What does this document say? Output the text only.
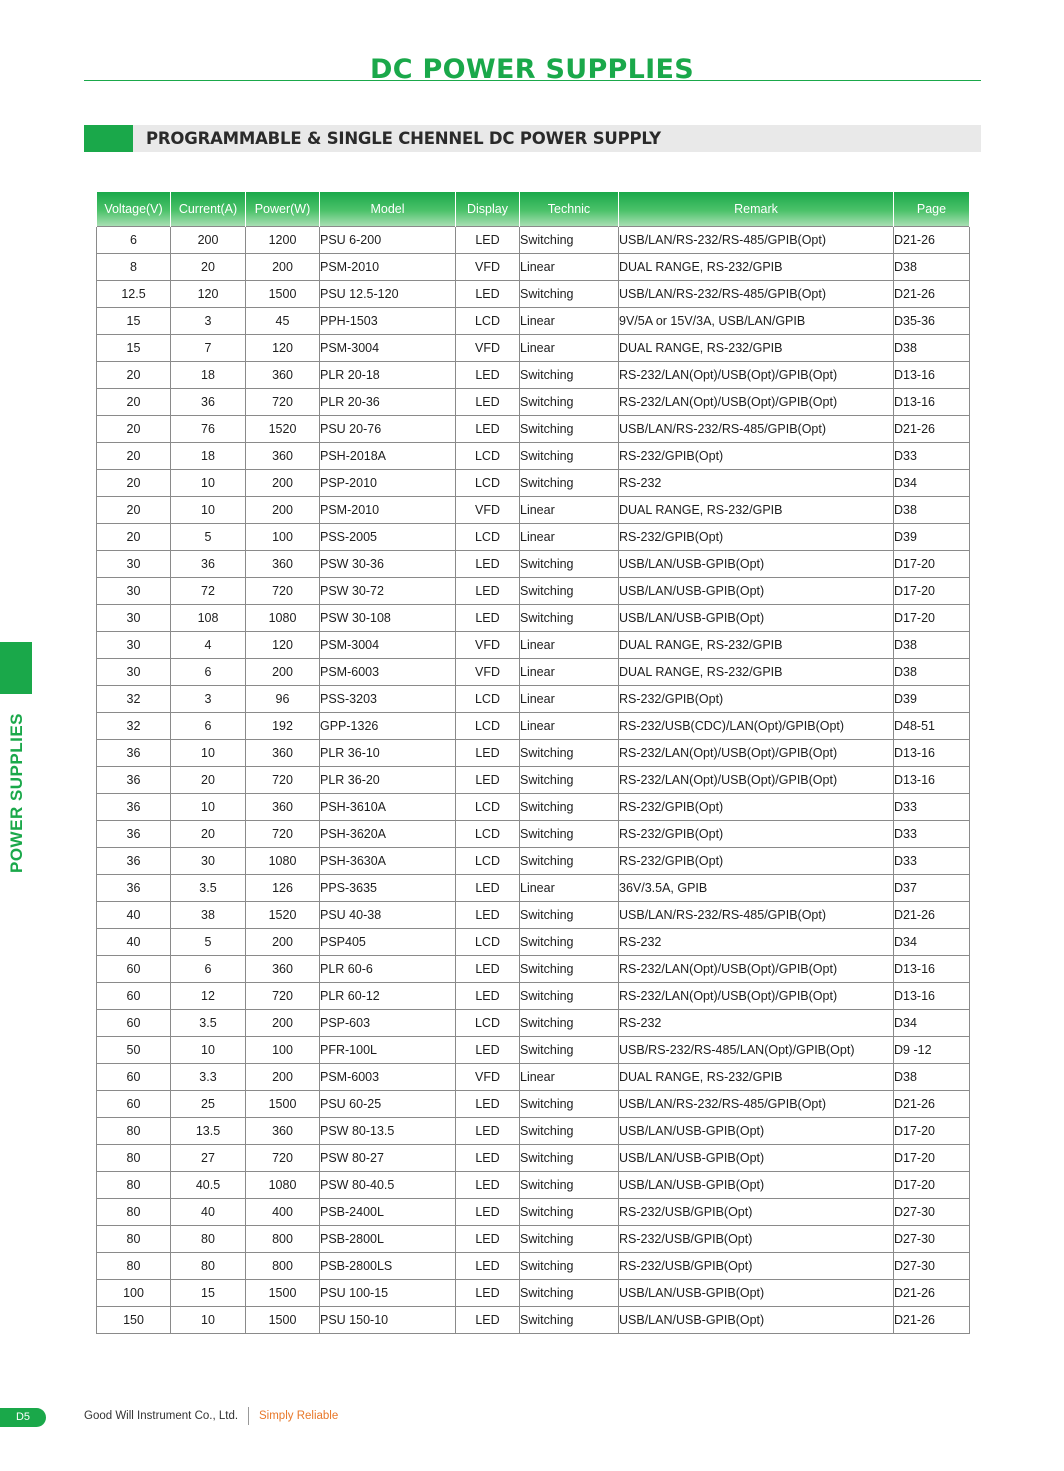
DC POWER SUPPLIES
PROGRAMMABLE & SINGLE CHENNEL DC POWER SUPPLY
POWER SUPPLIES
Voltage(V)	Current(A)	Power(W)	Model	Display	Technic	Remark	Page
6	200	1200	PSU 6-200	LED	Switching	USB/LAN/RS-232/RS-485/GPIB(Opt)	D21-26
8	20	200	PSM-2010	VFD	Linear	DUAL RANGE, RS-232/GPIB	D38
12.5	120	1500	PSU 12.5-120	LED	Switching	USB/LAN/RS-232/RS-485/GPIB(Opt)	D21-26
15	3	45	PPH-1503	LCD	Linear	9V/5A or 15V/3A, USB/LAN/GPIB	D35-36
15	7	120	PSM-3004	VFD	Linear	DUAL RANGE, RS-232/GPIB	D38
20	18	360	PLR 20-18	LED	Switching	RS-232/LAN(Opt)/USB(Opt)/GPIB(Opt)	D13-16
20	36	720	PLR 20-36	LED	Switching	RS-232/LAN(Opt)/USB(Opt)/GPIB(Opt)	D13-16
20	76	1520	PSU 20-76	LED	Switching	USB/LAN/RS-232/RS-485/GPIB(Opt)	D21-26
20	18	360	PSH-2018A	LCD	Switching	RS-232/GPIB(Opt)	D33
20	10	200	PSP-2010	LCD	Switching	RS-232	D34
20	10	200	PSM-2010	VFD	Linear	DUAL RANGE, RS-232/GPIB	D38
20	5	100	PSS-2005	LCD	Linear	RS-232/GPIB(Opt)	D39
30	36	360	PSW 30-36	LED	Switching	USB/LAN/USB-GPIB(Opt)	D17-20
30	72	720	PSW 30-72	LED	Switching	USB/LAN/USB-GPIB(Opt)	D17-20
30	108	1080	PSW 30-108	LED	Switching	USB/LAN/USB-GPIB(Opt)	D17-20
30	4	120	PSM-3004	VFD	Linear	DUAL RANGE, RS-232/GPIB	D38
30	6	200	PSM-6003	VFD	Linear	DUAL RANGE, RS-232/GPIB	D38
32	3	96	PSS-3203	LCD	Linear	RS-232/GPIB(Opt)	D39
32	6	192	GPP-1326	LCD	Linear	RS-232/USB(CDC)/LAN(Opt)/GPIB(Opt)	D48-51
36	10	360	PLR 36-10	LED	Switching	RS-232/LAN(Opt)/USB(Opt)/GPIB(Opt)	D13-16
36	20	720	PLR 36-20	LED	Switching	RS-232/LAN(Opt)/USB(Opt)/GPIB(Opt)	D13-16
36	10	360	PSH-3610A	LCD	Switching	RS-232/GPIB(Opt)	D33
36	20	720	PSH-3620A	LCD	Switching	RS-232/GPIB(Opt)	D33
36	30	1080	PSH-3630A	LCD	Switching	RS-232/GPIB(Opt)	D33
36	3.5	126	PPS-3635	LED	Linear	36V/3.5A, GPIB	D37
40	38	1520	PSU 40-38	LED	Switching	USB/LAN/RS-232/RS-485/GPIB(Opt)	D21-26
40	5	200	PSP405	LCD	Switching	RS-232	D34
60	6	360	PLR 60-6	LED	Switching	RS-232/LAN(Opt)/USB(Opt)/GPIB(Opt)	D13-16
60	12	720	PLR 60-12	LED	Switching	RS-232/LAN(Opt)/USB(Opt)/GPIB(Opt)	D13-16
60	3.5	200	PSP-603	LCD	Switching	RS-232	D34
50	10	100	PFR-100L	LED	Switching	USB/RS-232/RS-485/LAN(Opt)/GPIB(Opt)	D9 -12
60	3.3	200	PSM-6003	VFD	Linear	DUAL RANGE, RS-232/GPIB	D38
60	25	1500	PSU 60-25	LED	Switching	USB/LAN/RS-232/RS-485/GPIB(Opt)	D21-26
80	13.5	360	PSW 80-13.5	LED	Switching	USB/LAN/USB-GPIB(Opt)	D17-20
80	27	720	PSW 80-27	LED	Switching	USB/LAN/USB-GPIB(Opt)	D17-20
80	40.5	1080	PSW 80-40.5	LED	Switching	USB/LAN/USB-GPIB(Opt)	D17-20
80	40	400	PSB-2400L	LED	Switching	RS-232/USB/GPIB(Opt)	D27-30
80	80	800	PSB-2800L	LED	Switching	RS-232/USB/GPIB(Opt)	D27-30
80	80	800	PSB-2800LS	LED	Switching	RS-232/USB/GPIB(Opt)	D27-30
100	15	1500	PSU 100-15	LED	Switching	USB/LAN/USB-GPIB(Opt)	D21-26
150	10	1500	PSU 150-10	LED	Switching	USB/LAN/USB-GPIB(Opt)	D21-26
D5	Good Will Instrument Co., Ltd. Simply Reliable
